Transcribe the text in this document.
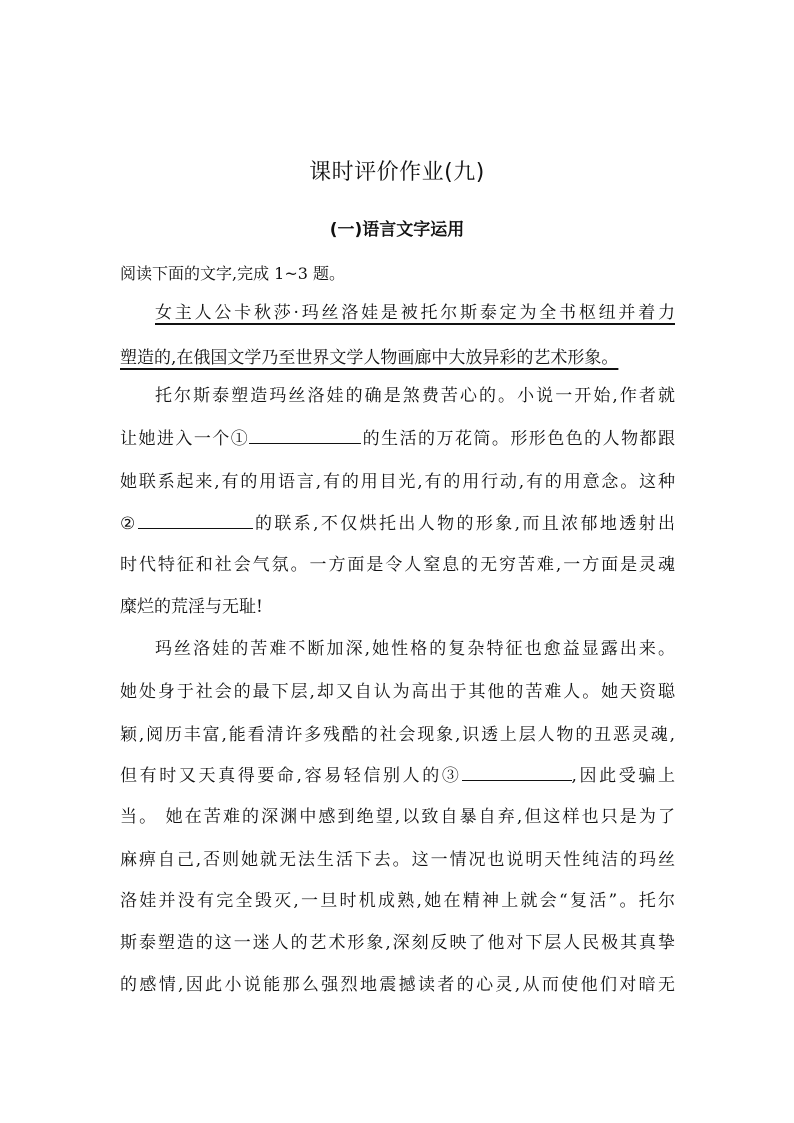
课时评价作业(九)
(一)语言文字运用
阅读下面的文字,完成 1~3 题。
女主人公卡秋莎·玛丝洛娃是被托尔斯泰定为全书枢纽并着力
塑造的,在俄国文学乃至世界文学人物画廊中大放异彩的艺术形象。
托尔斯泰塑造玛丝洛娃的确是煞费苦心的。小说一开始,作者就
让她进入一个①	的生活的万花筒。形形色色的人物都跟
她联系起来,有的用语言,有的用目光,有的用行动,有的用意念。这种
②	的联系,不仅烘托出人物的形象,而且浓郁地透射出
时代特征和社会气氛。一方面是令人窒息的无穷苦难,一方面是灵魂
糜烂的荒淫与无耻!
玛丝洛娃的苦难不断加深,她性格的复杂特征也愈益显露出来。
她处身于社会的最下层,却又自认为高出于其他的苦难人。她天资聪
颖,阅历丰富,能看清许多残酷的社会现象,识透上层人物的丑恶灵魂,
但有时又天真得要命,容易轻信别人的③	,因此受骗上
当。 她在苦难的深渊中感到绝望,以致自暴自弃,但这样也只是为了
麻痹自己,否则她就无法生活下去。这一情况也说明天性纯洁的玛丝
洛娃并没有完全毁灭,一旦时机成熟,她在精神上就会“复活”。托尔
斯泰塑造的这一迷人的艺术形象,深刻反映了他对下层人民极其真挚
的感情,因此小说能那么强烈地震撼读者的心灵,从而使他们对暗无
